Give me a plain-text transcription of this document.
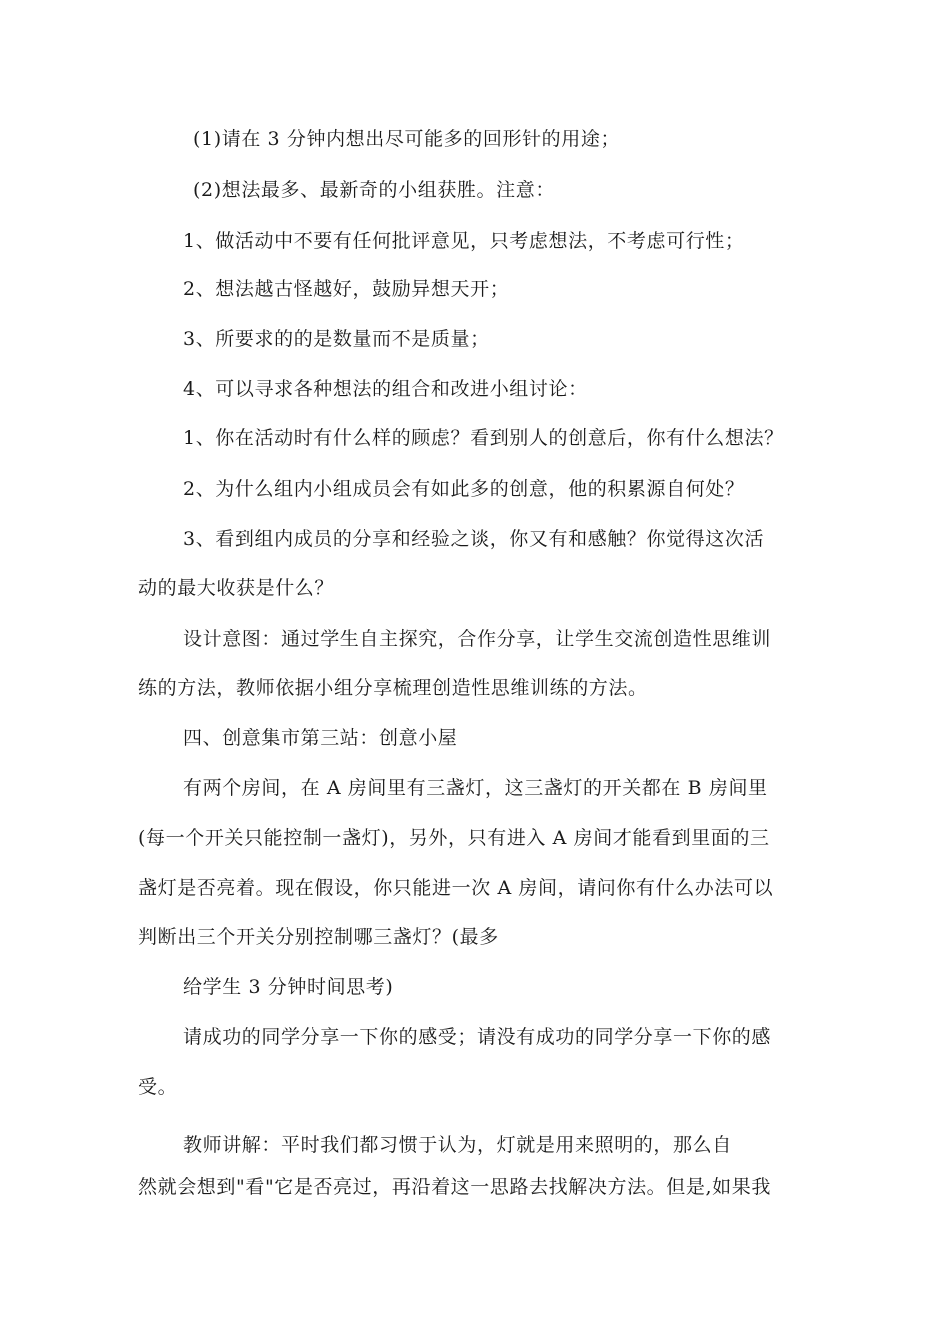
(1)请在 3 分钟内想出尽可能多的回形针的用途；
(2)想法最多、最新奇的小组获胜。注意：
1、做活动中不要有任何批评意见，只考虑想法，不考虑可行性；
2、想法越古怪越好，鼓励异想天开；
3、所要求的的是数量而不是质量；
4、可以寻求各种想法的组合和改进小组讨论：
1、你在活动时有什么样的顾虑？看到别人的创意后，你有什么想法？
2、为什么组内小组成员会有如此多的创意，他的积累源自何处？
3、看到组内成员的分享和经验之谈，你又有和感触？你觉得这次活
动的最大收获是什么？
设计意图：通过学生自主探究，合作分享，让学生交流创造性思维训
练的方法，教师依据小组分享梳理创造性思维训练的方法。
四、创意集市第三站：创意小屋
有两个房间，在 A 房间里有三盏灯，这三盏灯的开关都在 B 房间里
(每一个开关只能控制一盏灯)，另外，只有进入 A 房间才能看到里面的三
盏灯是否亮着。现在假设，你只能进一次 A 房间，请问你有什么办法可以
判断出三个开关分别控制哪三盏灯？(最多
给学生 3 分钟时间思考)
请成功的同学分享一下你的感受；请没有成功的同学分享一下你的感
受。
教师讲解：平时我们都习惯于认为，灯就是用来照明的，那么自
然就会想到"看"它是否亮过，再沿着这一思路去找解决方法。但是,如果我
